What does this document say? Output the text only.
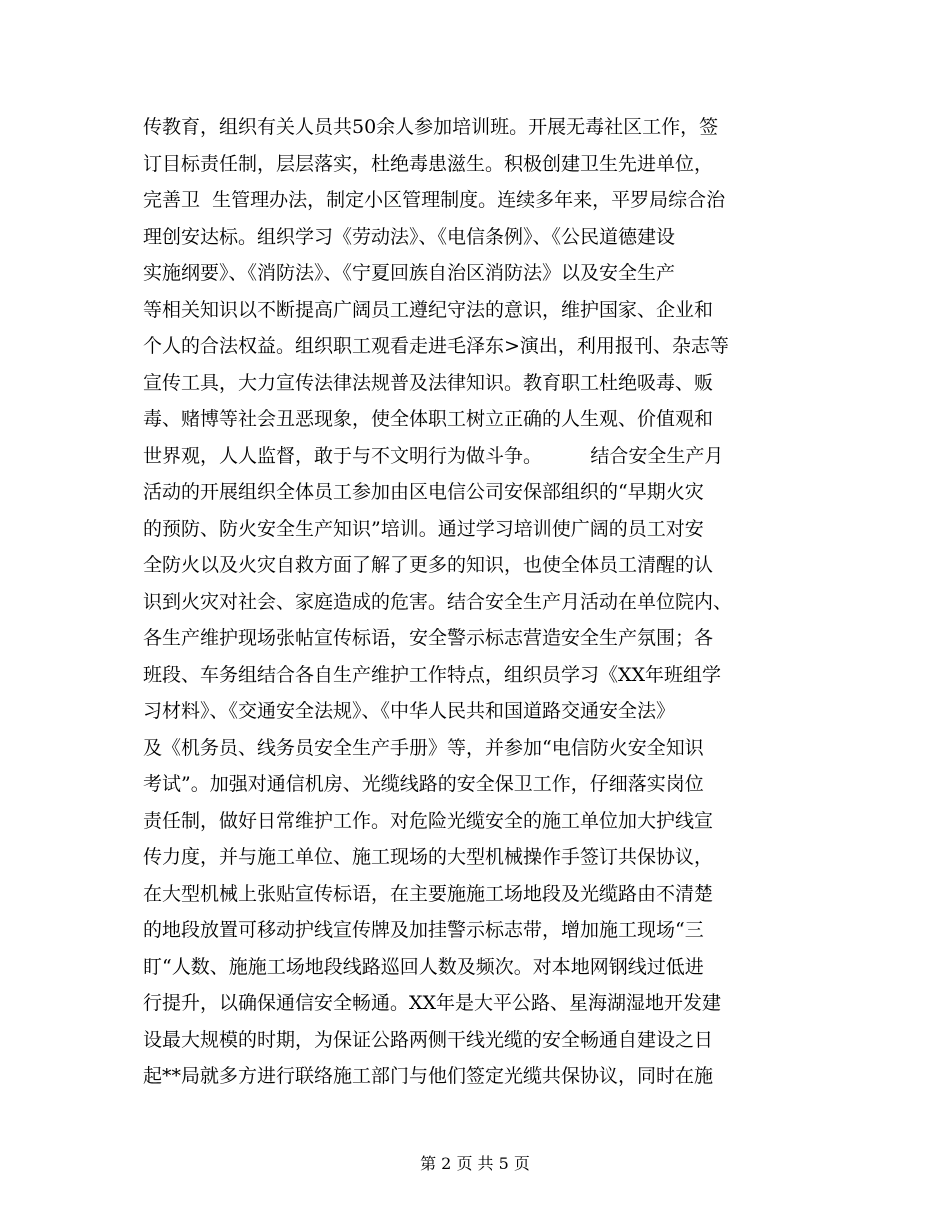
传教育，组织有关人员共50余人参加培训班。开展无毒社区工作，签
订目标责任制，层层落实，杜绝毒患滋生。积极创建卫生先进单位，
完善卫  生管理办法，制定小区管理制度。连续多年来，平罗局综合治
理创安达标。组织学习《劳动法》、《电信条例》、《公民道德建设
实施纲要》、《消防法》、《宁夏回族自治区消防法》以及安全生产
等相关知识以不断提高广阔员工遵纪守法的意识，维护国家、企业和
个人的合法权益。组织职工观看走进毛泽东>演出，利用报刊、杂志等
宣传工具，大力宣传法律法规普及法律知识。教育职工杜绝吸毒、贩
毒、赌博等社会丑恶现象，使全体职工树立正确的人生观、价值观和
世界观，人人监督，敢于与不文明行为做斗争。        结合安全生产月
活动的开展组织全体员工参加由区电信公司安保部组织的“早期火灾
的预防、防火安全生产知识”培训。通过学习培训使广阔的员工对安
全防火以及火灾自救方面了解了更多的知识，也使全体员工清醒的认
识到火灾对社会、家庭造成的危害。结合安全生产月活动在单位院内、
各生产维护现场张帖宣传标语，安全警示标志营造安全生产氛围；各
班段、车务组结合各自生产维护工作特点，组织员学习《XX年班组学
习材料》、《交通安全法规》、《中华人民共和国道路交通安全法》
及《机务员、线务员安全生产手册》等，并参加“电信防火安全知识
考试”。加强对通信机房、光缆线路的安全保卫工作，仔细落实岗位
责任制，做好日常维护工作。对危险光缆安全的施工单位加大护线宣
传力度，并与施工单位、施工现场的大型机械操作手签订共保协议，
在大型机械上张贴宣传标语，在主要施施工场地段及光缆路由不清楚
的地段放置可移动护线宣传牌及加挂警示标志带，增加施工现场“三
盯“人数、施施工场地段线路巡回人数及频次。对本地网钢线过低进
行提升，以确保通信安全畅通。XX年是大平公路、星海湖湿地开发建
设最大规模的时期，为保证公路两侧干线光缆的安全畅通自建设之日
起**局就多方进行联络施工部门与他们签定光缆共保协议，同时在施
第 2 页 共 5 页
